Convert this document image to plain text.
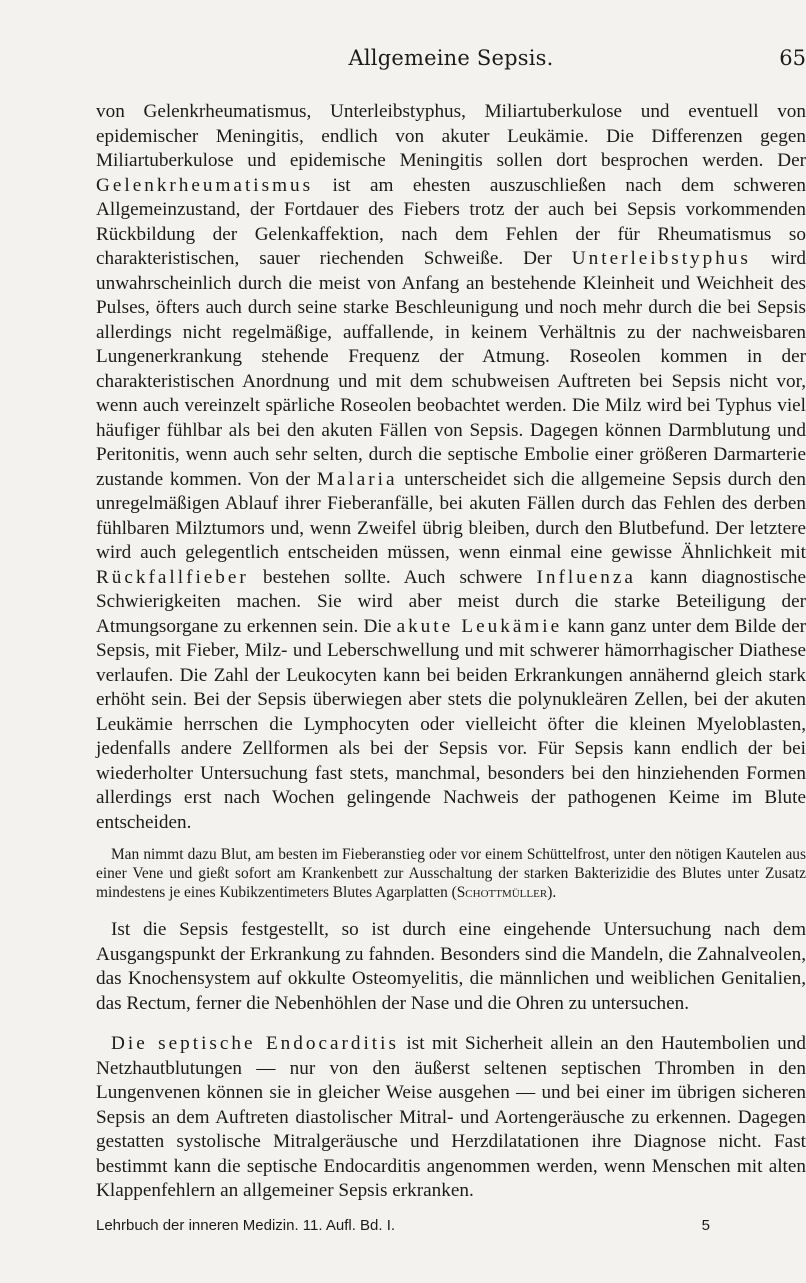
Allgemeine Sepsis.	65

von Gelenkrheumatismus, Unterleibstyphus, Miliartuberkulose und eventuell von epidemischer Meningitis, endlich von akuter Leukämie. Die Differenzen gegen Miliartuberkulose und epidemische Meningitis sollen dort besprochen werden. Der Gelenkrheumatismus ist am ehesten auszuschließen nach dem schweren Allgemeinzustand, der Fortdauer des Fiebers trotz der auch bei Sepsis vorkommenden Rückbildung der Gelenkaffektion, nach dem Fehlen der für Rheumatismus so charakteristischen, sauer riechenden Schweiße. Der Unterleibstyphus wird unwahrscheinlich durch die meist von Anfang an bestehende Kleinheit und Weichheit des Pulses, öfters auch durch seine starke Beschleunigung und noch mehr durch die bei Sepsis allerdings nicht regelmäßige, auffallende, in keinem Verhältnis zu der nachweisbaren Lungenerkrankung stehende Frequenz der Atmung. Roseolen kommen in der charakteristischen Anordnung und mit dem schubweisen Auftreten bei Sepsis nicht vor, wenn auch vereinzelt spärliche Roseolen beobachtet werden. Die Milz wird bei Typhus viel häufiger fühlbar als bei den akuten Fällen von Sepsis. Dagegen können Darmblutung und Peritonitis, wenn auch sehr selten, durch die septische Embolie einer größeren Darmarterie zustande kommen. Von der Malaria unterscheidet sich die allgemeine Sepsis durch den unregelmäßigen Ablauf ihrer Fieberanfälle, bei akuten Fällen durch das Fehlen des derben fühlbaren Milztumors und, wenn Zweifel übrig bleiben, durch den Blutbefund. Der letztere wird auch gelegentlich entscheiden müssen, wenn einmal eine gewisse Ähnlichkeit mit Rückfallfieber bestehen sollte. Auch schwere Influenza kann diagnostische Schwierigkeiten machen. Sie wird aber meist durch die starke Beteiligung der Atmungsorgane zu erkennen sein. Die akute Leukämie kann ganz unter dem Bilde der Sepsis, mit Fieber, Milz- und Leberschwellung und mit schwerer hämorrhagischer Diathese verlaufen. Die Zahl der Leukocyten kann bei beiden Erkrankungen annähernd gleich stark erhöht sein. Bei der Sepsis überwiegen aber stets die polynukleären Zellen, bei der akuten Leukämie herrschen die Lymphocyten oder vielleicht öfter die kleinen Myeloblasten, jedenfalls andere Zellformen als bei der Sepsis vor. Für Sepsis kann endlich der bei wiederholter Untersuchung fast stets, manchmal, besonders bei den hinziehenden Formen allerdings erst nach Wochen gelingende Nachweis der pathogenen Keime im Blute entscheiden.

Man nimmt dazu Blut, am besten im Fieberanstieg oder vor einem Schüttelfrost, unter den nötigen Kautelen aus einer Vene und gießt sofort am Krankenbett zur Ausschaltung der starken Bakterizidie des Blutes unter Zusatz mindestens je eines Kubikzentimeters Blutes Agarplatten (Schottmüller).

Ist die Sepsis festgestellt, so ist durch eine eingehende Untersuchung nach dem Ausgangspunkt der Erkrankung zu fahnden. Besonders sind die Mandeln, die Zahnalveolen, das Knochensystem auf okkulte Osteomyelitis, die männlichen und weiblichen Genitalien, das Rectum, ferner die Nebenhöhlen der Nase und die Ohren zu untersuchen.

Die septische Endocarditis ist mit Sicherheit allein an den Hautembolien und Netzhautblutungen — nur von den äußerst seltenen septischen Thromben in den Lungenvenen können sie in gleicher Weise ausgehen — und bei einer im übrigen sicheren Sepsis an dem Auftreten diastolischer Mitral- und Aortengeräusche zu erkennen. Dagegen gestatten systolische Mitralgeräusche und Herzdilatationen ihre Diagnose nicht. Fast bestimmt kann die septische Endocarditis angenommen werden, wenn Menschen mit alten Klappenfehlern an allgemeiner Sepsis erkranken.

Lehrbuch der inneren Medizin. 11. Aufl. Bd. I.	5
